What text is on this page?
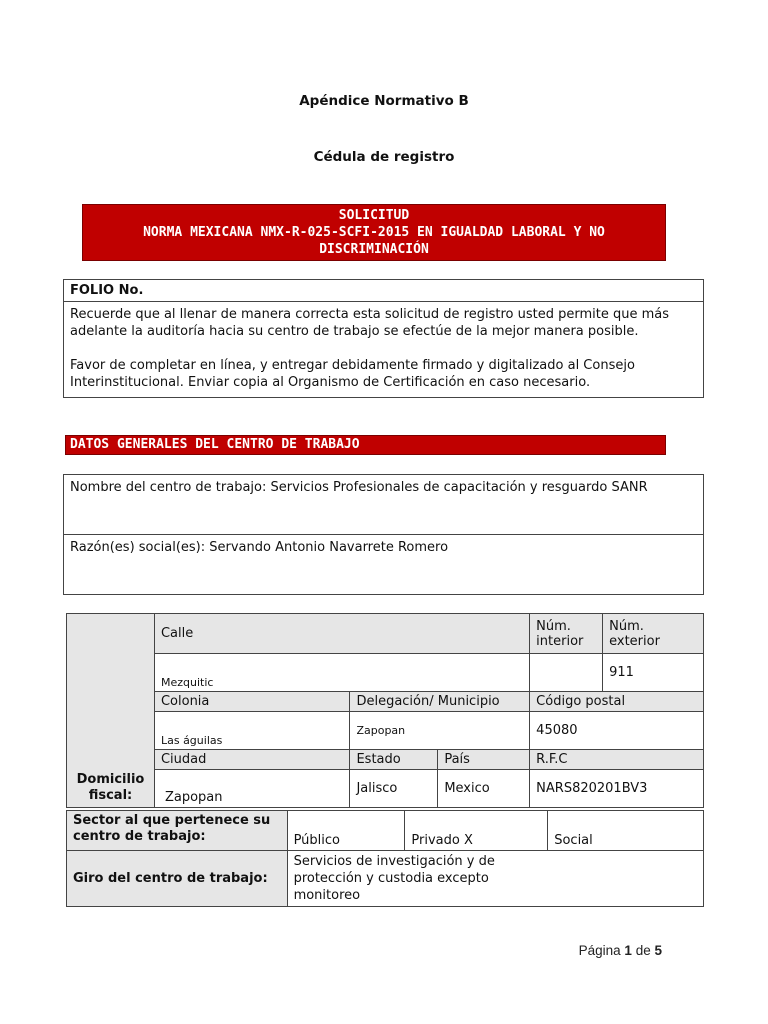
Apéndice Normativo B
Cédula de registro
SOLICITUD
NORMA MEXICANA NMX-R-025-SCFI-2015 EN IGUALDAD LABORAL Y NO
DISCRIMINACIÓN
FOLIO No.

Recuerde que al llenar de manera correcta esta solicitud de registro usted permite que más adelante la auditoría hacia su centro de trabajo se efectúe de la mejor manera posible.

Favor de completar en línea, y entregar debidamente firmado y digitalizado al Consejo Interinstitucional. Enviar copia al Organismo de Certificación en caso necesario.

DATOS GENERALES DEL CENTRO DE TRABAJO
Nombre del centro de trabajo: Servicios Profesionales de capacitación y resguardo SANR
Razón(es) social(es): Servando Antonio Navarrete Romero
Domicilio
fiscal:	Calle			Núm. interior	Núm. exterior
	Mezquitic				911
	Colonia	Delegación/ Municipio		Código postal	
	Las águilas	Zapopan		45080	
	Ciudad	Estado	País	R.F.C	
	Zapopan	Jalisco	Mexico	NARS820201BV3	
Sector al que pertenece su centro de trabajo:	Público	Privado X	Social
Giro del centro de trabajo:	Servicios de investigación y de protección y custodia excepto monitoreo		
Página 1 de 5
